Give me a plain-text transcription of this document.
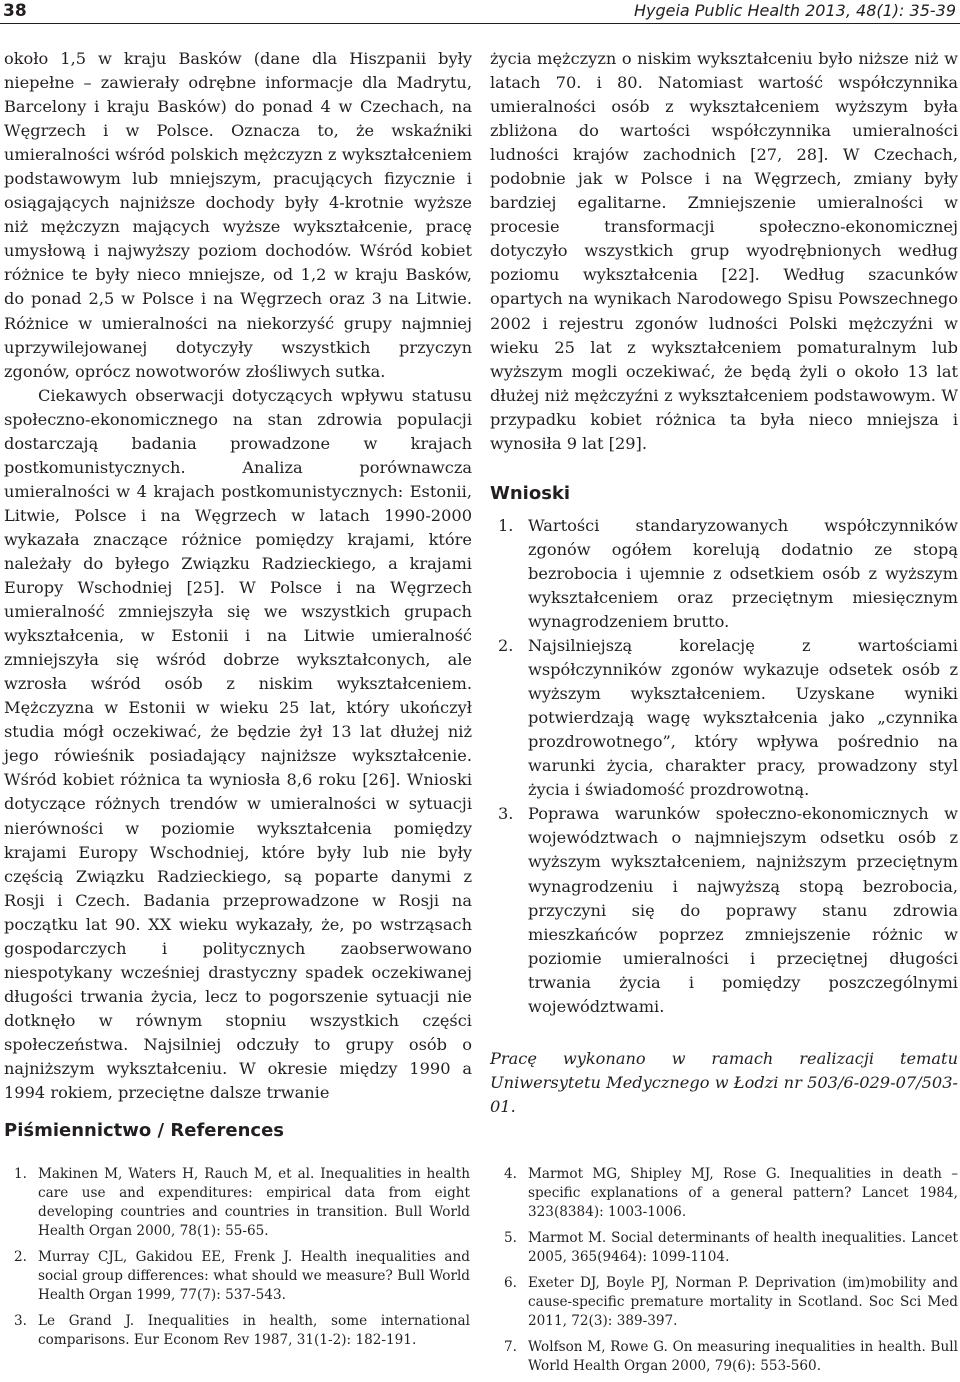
38	Hygeia Public Health 2013, 48(1): 35-39

około 1,5 w kraju Basków (dane dla Hiszpanii były niepełne – zawierały odrębne informacje dla Madrytu, Barcelony i kraju Basków) do ponad 4 w Czechach, na Węgrzech i w Polsce. Oznacza to, że wskaźniki umieralności wśród polskich mężczyzn z wykształceniem podstawowym lub mniejszym, pracujących fizycznie i osiągających najniższe dochody były 4-krotnie wyższe niż mężczyzn mających wyższe wykształcenie, pracę umysłową i najwyższy poziom dochodów. Wśród kobiet różnice te były nieco mniejsze, od 1,2 w kraju Basków, do ponad 2,5 w Polsce i na Węgrzech oraz 3 na Litwie. Różnice w umieralności na niekorzyść grupy najmniej uprzywilejowanej dotyczyły wszystkich przyczyn zgonów, oprócz nowotworów złośliwych sutka.

Ciekawych obserwacji dotyczących wpływu statusu społeczno-ekonomicznego na stan zdrowia populacji dostarczają badania prowadzone w krajach postkomunistycznych. Analiza porównawcza umieralności w 4 krajach postkomunistycznych: Estonii, Litwie, Polsce i na Węgrzech w latach 1990-2000 wykazała znaczące różnice pomiędzy krajami, które należały do byłego Związku Radzieckiego, a krajami Europy Wschodniej [25]. W Polsce i na Węgrzech umieralność zmniejszyła się we wszystkich grupach wykształcenia, w Estonii i na Litwie umieralność zmniejszyła się wśród dobrze wykształconych, ale wzrosła wśród osób z niskim wykształceniem. Mężczyzna w Estonii w wieku 25 lat, który ukończył studia mógł oczekiwać, że będzie żył 13 lat dłużej niż jego rówieśnik posiadający najniższe wykształcenie. Wśród kobiet różnica ta wyniosła 8,6 roku [26]. Wnioski dotyczące różnych trendów w umieralności w sytuacji nierówności w poziomie wykształcenia pomiędzy krajami Europy Wschodniej, które były lub nie były częścią Związku Radzieckiego, są poparte danymi z Rosji i Czech. Badania przeprowadzone w Rosji na początku lat 90. XX wieku wykazały, że, po wstrząsach gospodarczych i politycznych zaobserwowano niespotykany wcześniej drastyczny spadek oczekiwanej długości trwania życia, lecz to pogorszenie sytuacji nie dotknęło w równym stopniu wszystkich części społeczeństwa. Najsilniej odczuły to grupy osób o najniższym wykształceniu. W okresie między 1990 a 1994 rokiem, przeciętne dalsze trwanie

życia mężczyzn o niskim wykształceniu było niższe niż w latach 70. i 80. Natomiast wartość współczynnika umieralności osób z wykształceniem wyższym była zbliżona do wartości współczynnika umieralności ludności krajów zachodnich [27, 28]. W Czechach, podobnie jak w Polsce i na Węgrzech, zmiany były bardziej egalitarne. Zmniejszenie umieralności w procesie transformacji społeczno-ekonomicznej dotyczyło wszystkich grup wyodrębnionych według poziomu wykształcenia [22]. Według szacunków opartych na wynikach Narodowego Spisu Powszechnego 2002 i rejestru zgonów ludności Polski mężczyźni w wieku 25 lat z wykształceniem pomaturalnym lub wyższym mogli oczekiwać, że będą żyli o około 13 lat dłużej niż mężczyźni z wykształceniem podstawowym. W przypadku kobiet różnica ta była nieco mniejsza i wynosiła 9 lat [29].

Wnioski
1. Wartości standaryzowanych współczynników zgonów ogółem korelują dodatnio ze stopą bezrobocia i ujemnie z odsetkiem osób z wyższym wykształceniem oraz przeciętnym miesięcznym wynagrodzeniem brutto.
2. Najsilniejszą korelację z wartościami współczynników zgonów wykazuje odsetek osób z wyższym wykształceniem. Uzyskane wyniki potwierdzają wagę wykształcenia jako „czynnika prozdrowotnego”, który wpływa pośrednio na warunki życia, charakter pracy, prowadzony styl życia i świadomość prozdrowotną.
3. Poprawa warunków społeczno-ekonomicznych w województwach o najmniejszym odsetku osób z wyższym wykształceniem, najniższym przeciętnym wynagrodzeniu i najwyższą stopą bezrobocia, przyczyni się do poprawy stanu zdrowia mieszkańców poprzez zmniejszenie różnic w poziomie umieralności i przeciętnej długości trwania życia i pomiędzy poszczególnymi województwami.

Pracę wykonano w ramach realizacji tematu Uniwersytetu Medycznego w Łodzi nr 503/6-029-07/503-01.

Piśmiennictwo / References
1. Makinen M, Waters H, Rauch M, et al. Inequalities in health care use and expenditures: empirical data from eight developing countries and countries in transition. Bull World Health Organ 2000, 78(1): 55-65.
2. Murray CJL, Gakidou EE, Frenk J. Health inequalities and social group differences: what should we measure? Bull World Health Organ 1999, 77(7): 537-543.
3. Le Grand J. Inequalities in health, some international comparisons. Eur Econom Rev 1987, 31(1-2): 182-191.
4. Marmot MG, Shipley MJ, Rose G. Inequalities in death – specific explanations of a general pattern? Lancet 1984, 323(8384): 1003-1006.
5. Marmot M. Social determinants of health inequalities. Lancet 2005, 365(9464): 1099-1104.
6. Exeter DJ, Boyle PJ, Norman P. Deprivation (im)mobility and cause-specific premature mortality in Scotland. Soc Sci Med 2011, 72(3): 389-397.
7. Wolfson M, Rowe G. On measuring inequalities in health. Bull World Health Organ 2000, 79(6): 553-560.
